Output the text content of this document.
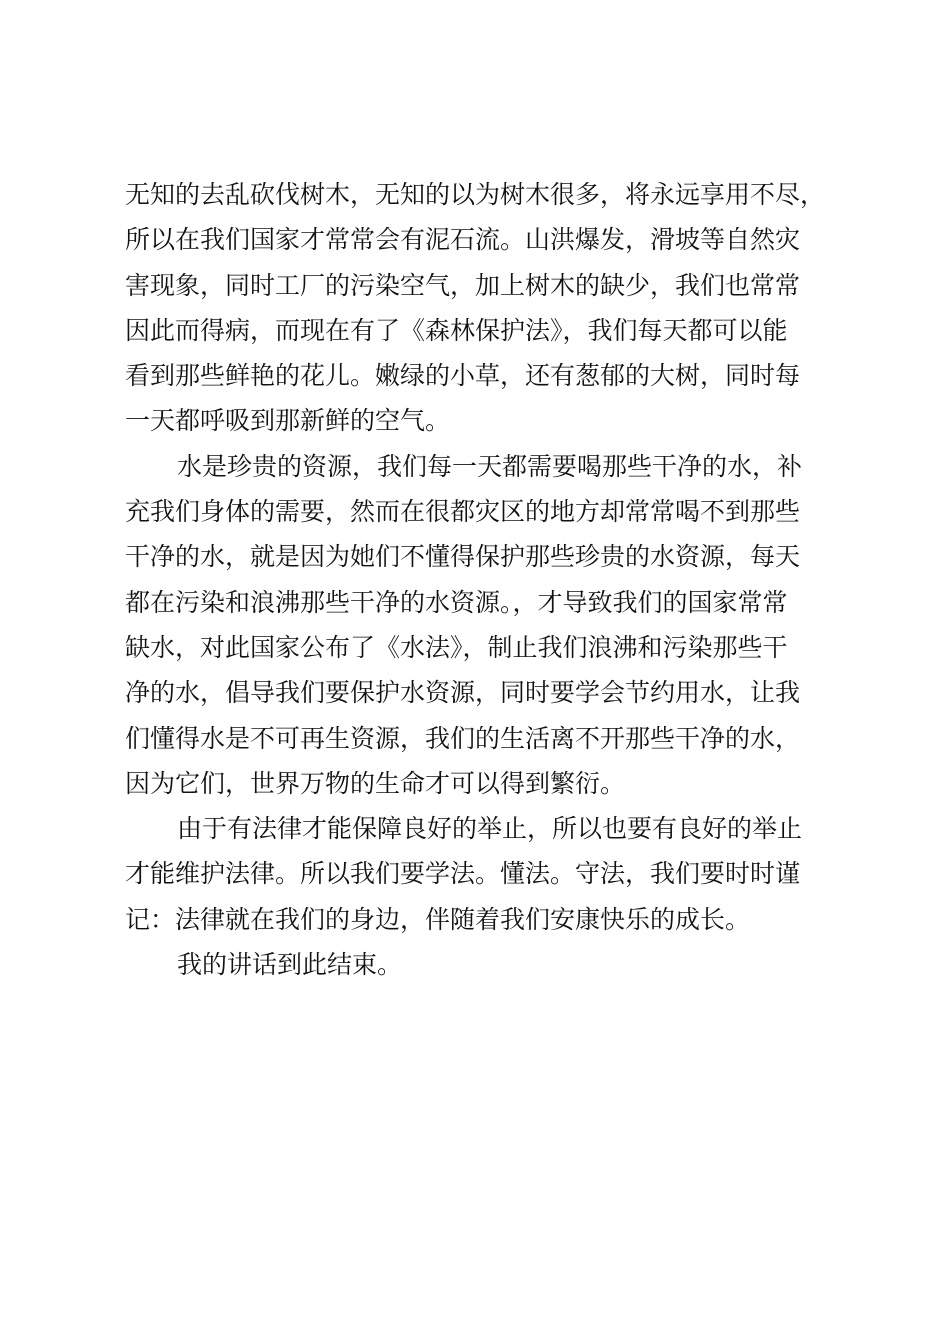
无知的去乱砍伐树木，无知的以为树木很多，将永远享用不尽，
所以在我们国家才常常会有泥石流。山洪爆发，滑坡等自然灾
害现象，同时工厂的污染空气，加上树木的缺少，我们也常常
因此而得病，而现在有了《森林保护法》，我们每天都可以能
看到那些鲜艳的花儿。嫩绿的小草，还有葱郁的大树，同时每
一天都呼吸到那新鲜的空气。
水是珍贵的资源，我们每一天都需要喝那些干净的水，补
充我们身体的需要，然而在很都灾区的地方却常常喝不到那些
干净的水，就是因为她们不懂得保护那些珍贵的水资源，每天
都在污染和浪沸那些干净的水资源。，才导致我们的国家常常
缺水，对此国家公布了《水法》，制止我们浪沸和污染那些干
净的水，倡导我们要保护水资源，同时要学会节约用水，让我
们懂得水是不可再生资源，我们的生活离不开那些干净的水，
因为它们，世界万物的生命才可以得到繁衍。
由于有法律才能保障良好的举止，所以也要有良好的举止
才能维护法律。所以我们要学法。懂法。守法，我们要时时谨
记：法律就在我们的身边，伴随着我们安康快乐的成长。
我的讲话到此结束。
